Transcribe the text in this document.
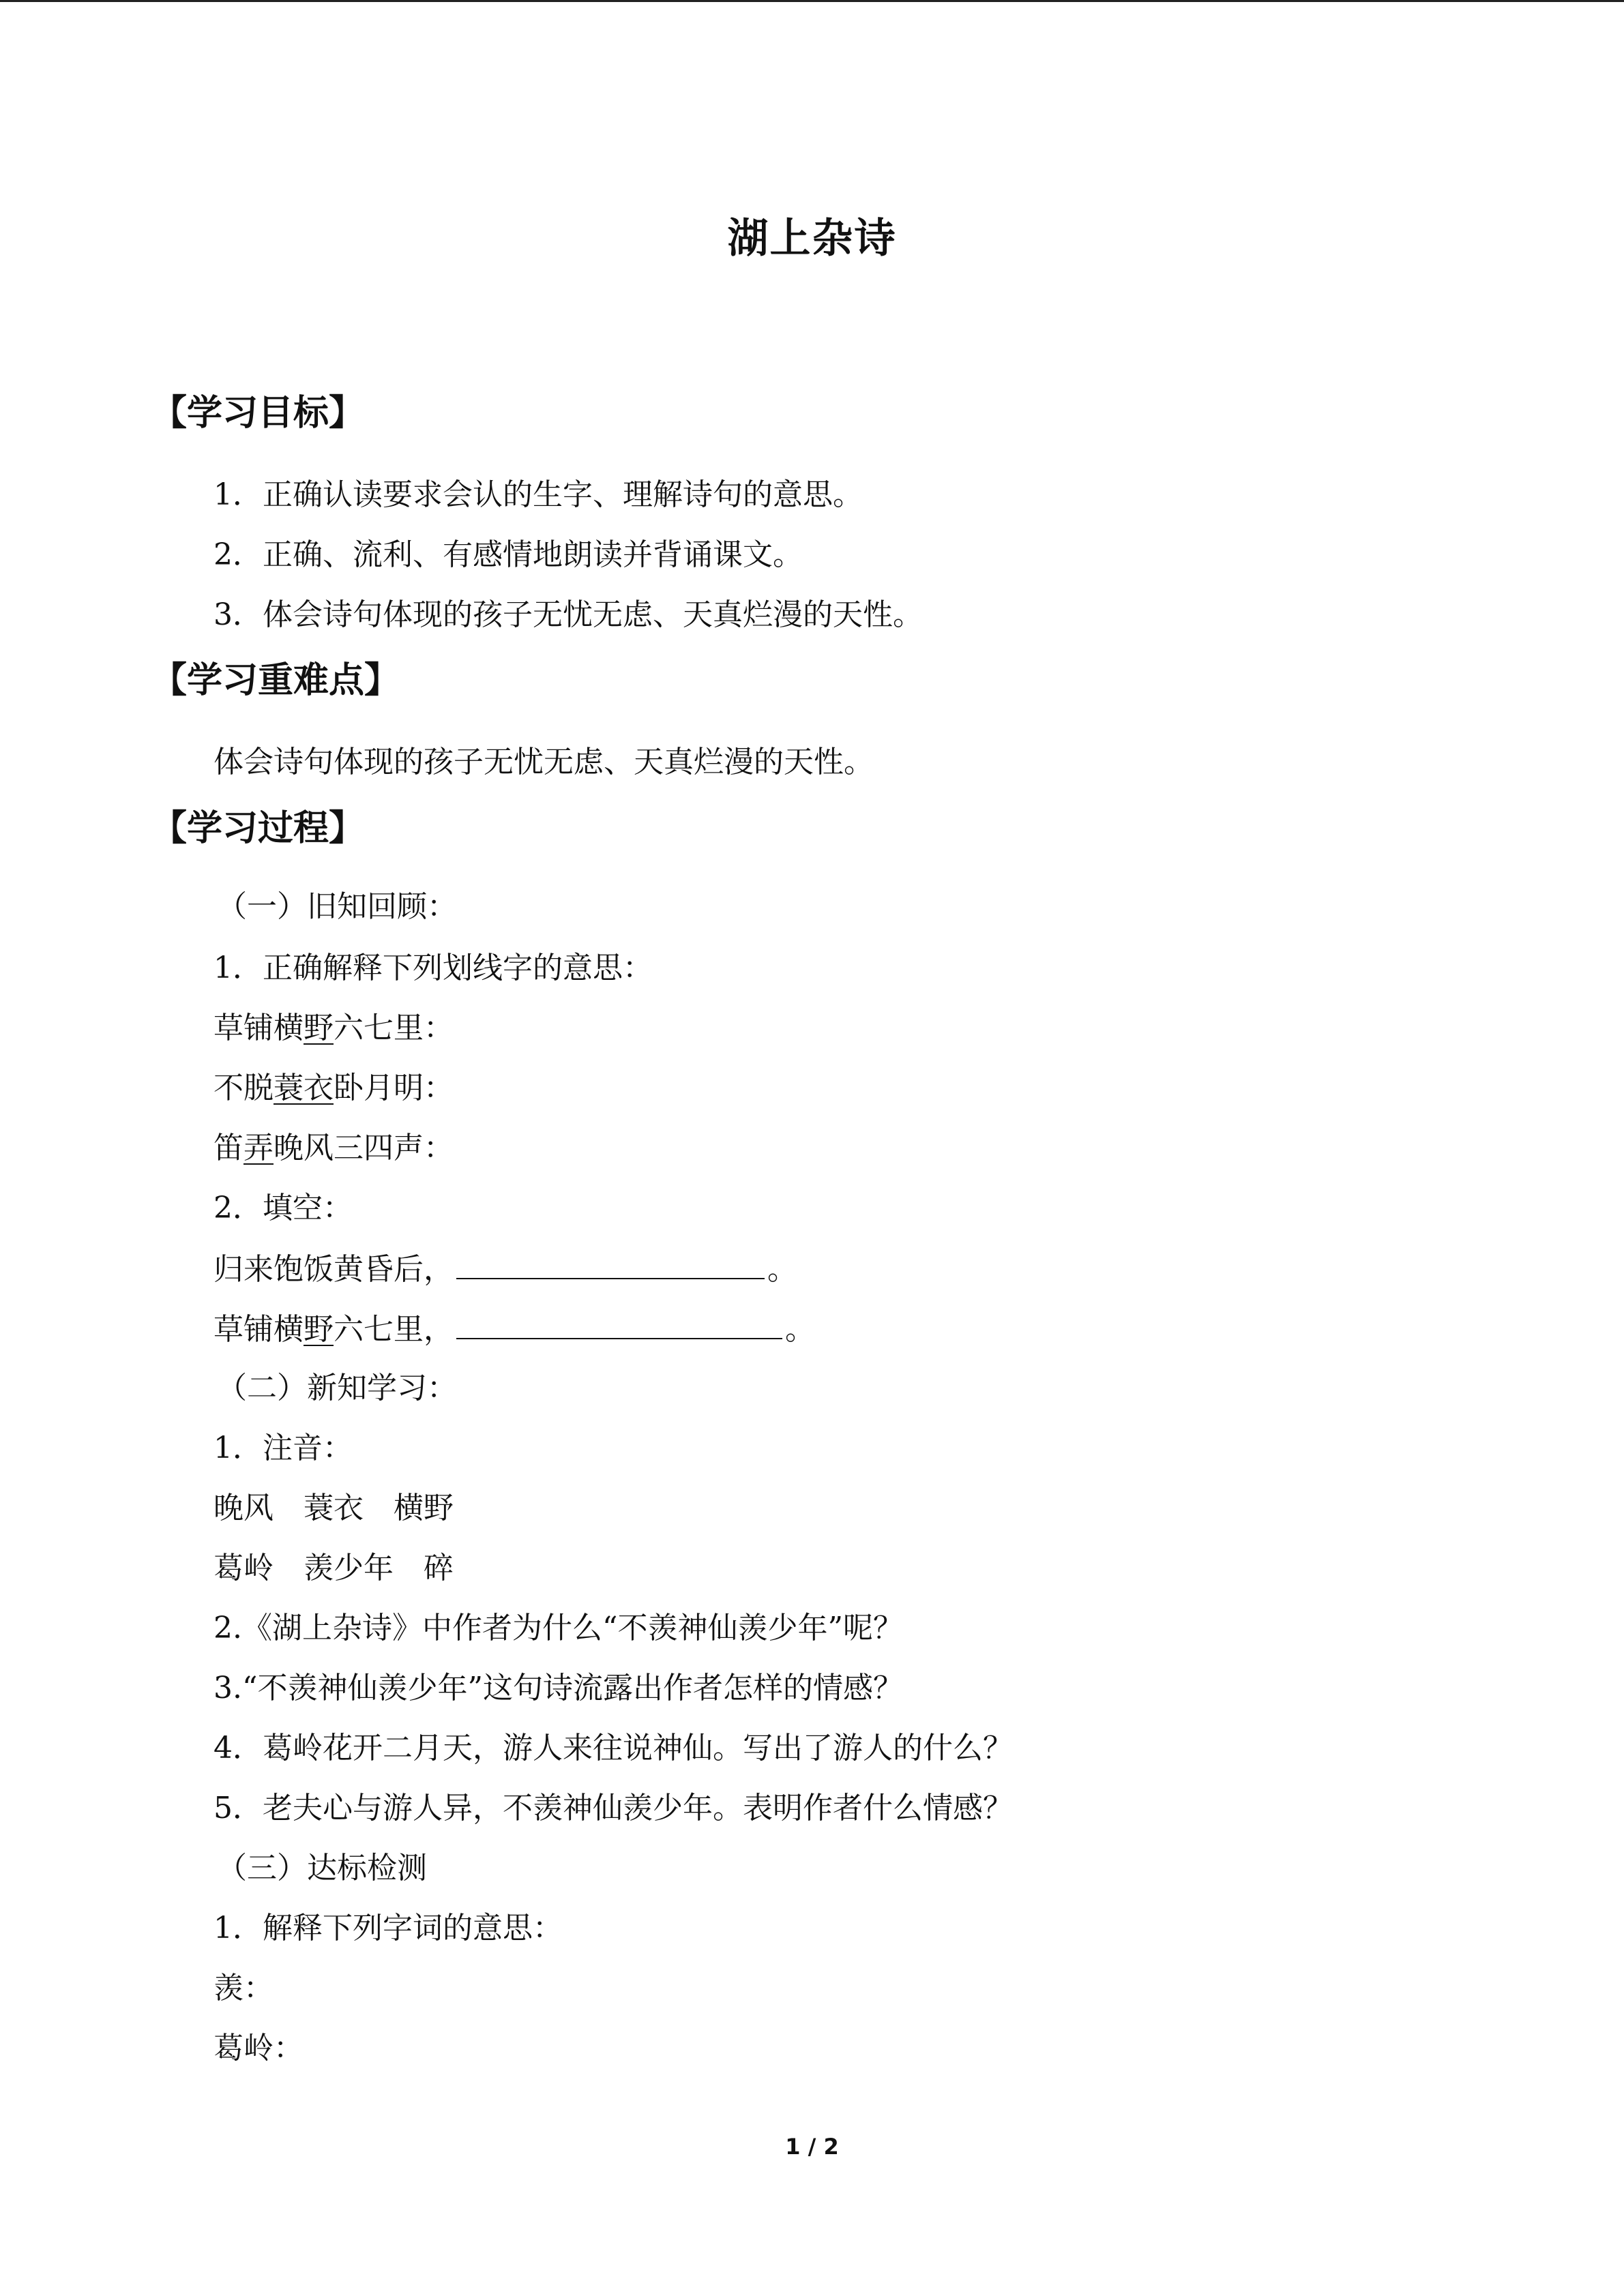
湖上杂诗
【学习目标】
1．正确认读要求会认的生字、理解诗句的意思。
2．正确、流利、有感情地朗读并背诵课文。
3．体会诗句体现的孩子无忧无虑、天真烂漫的天性。
【学习重难点】
体会诗句体现的孩子无忧无虑、天真烂漫的天性。
【学习过程】
（一）旧知回顾：
1．正确解释下列划线字的意思：
草铺横野六七里：
不脱蓑衣卧月明：
笛弄晚风三四声：
2．填空：
归来饱饭黄昏后，	。
草铺横野六七里，	。
（二）新知学习：
1．注音：
晚风　蓑衣　横野
葛岭　羡少年　碎
2.《湖上杂诗》中作者为什么“不羡神仙羡少年”呢？
3.“不羡神仙羡少年”这句诗流露出作者怎样的情感？
4．葛岭花开二月天，游人来往说神仙。写出了游人的什么？
5．老夫心与游人异，不羡神仙羡少年。表明作者什么情感？
（三）达标检测
1．解释下列字词的意思：
羡：
葛岭：
1 / 2
